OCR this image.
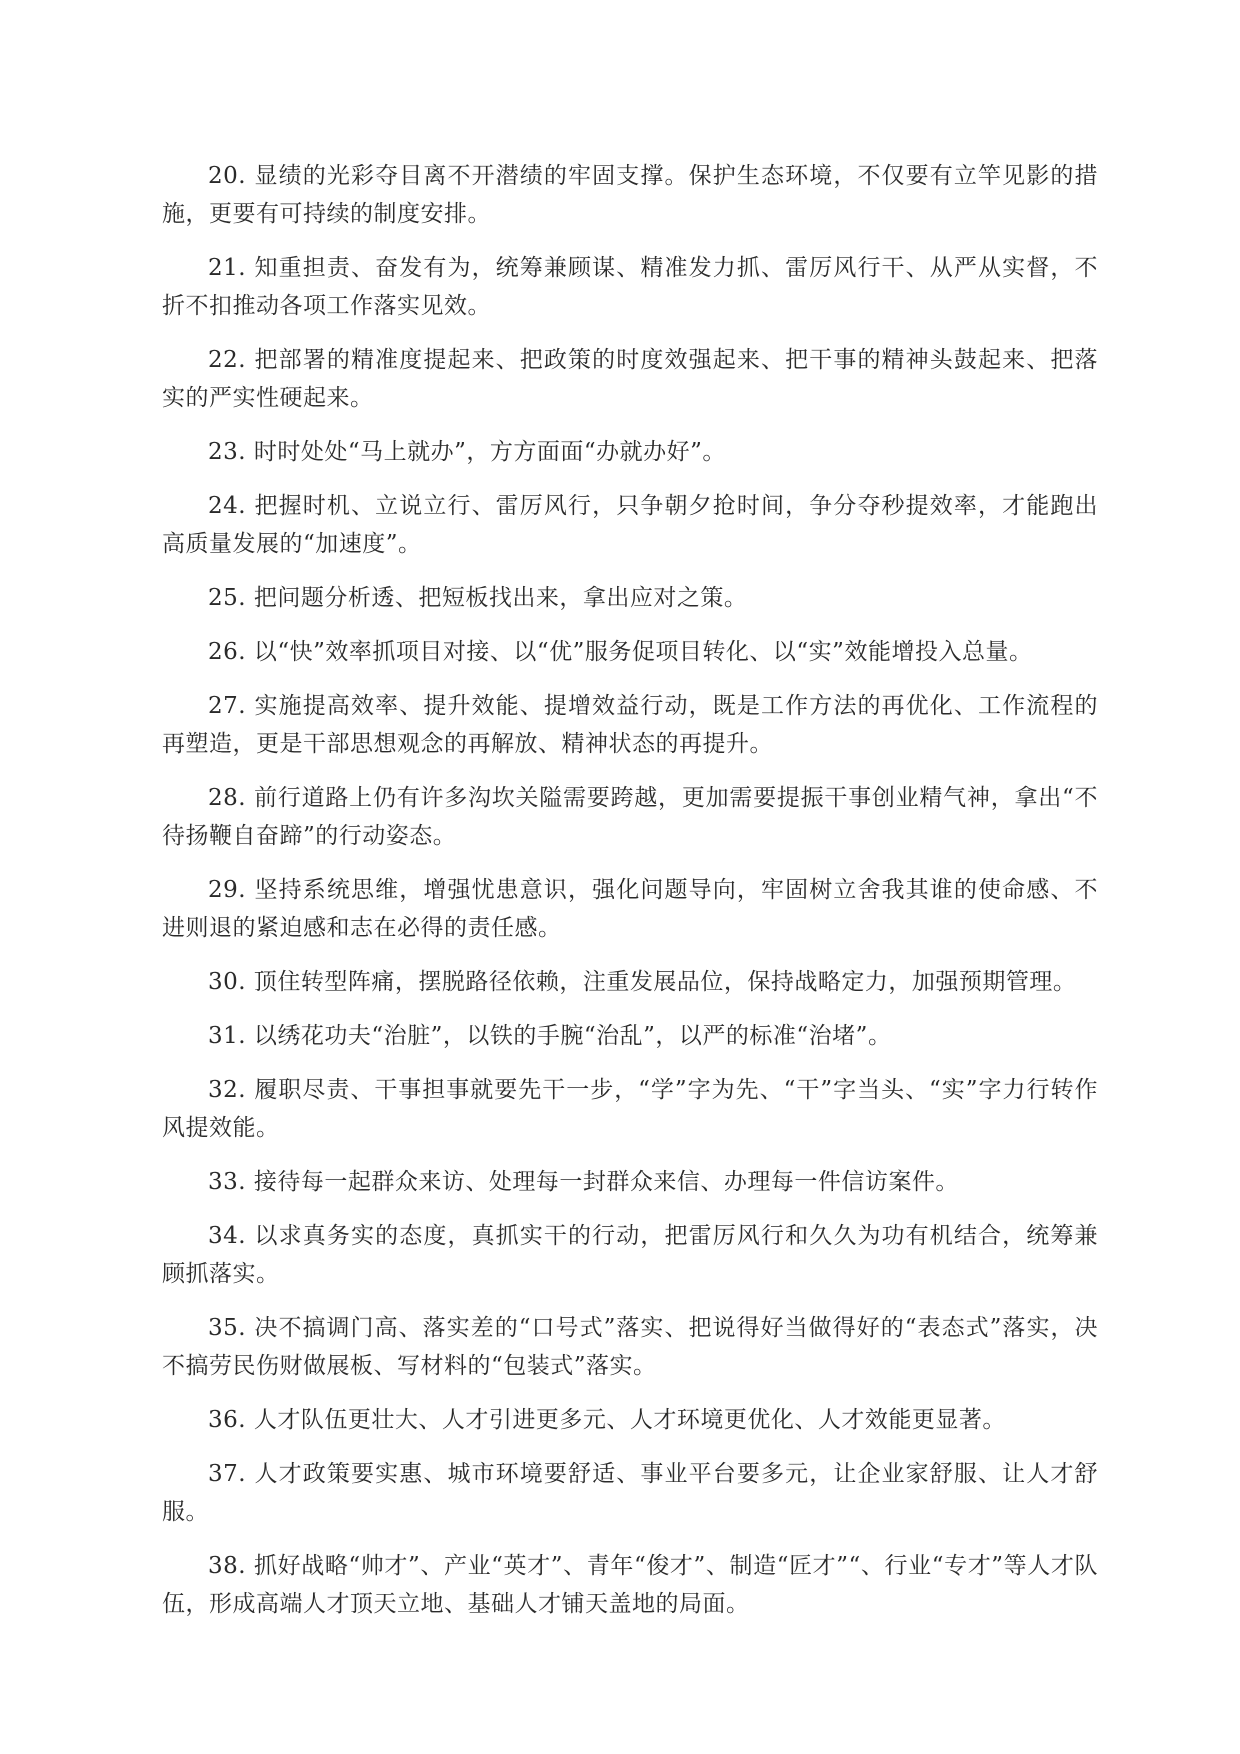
20. 显绩的光彩夺目离不开潜绩的牢固支撑。保护生态环境，不仅要有立竿见影的措施，更要有可持续的制度安排。

21. 知重担责、奋发有为，统筹兼顾谋、精准发力抓、雷厉风行干、从严从实督，不折不扣推动各项工作落实见效。

22. 把部署的精准度提起来、把政策的时度效强起来、把干事的精神头鼓起来、把落实的严实性硬起来。

23. 时时处处“马上就办”，方方面面“办就办好”。

24. 把握时机、立说立行、雷厉风行，只争朝夕抢时间，争分夺秒提效率，才能跑出高质量发展的“加速度”。

25. 把问题分析透、把短板找出来，拿出应对之策。

26. 以“快”效率抓项目对接、以“优”服务促项目转化、以“实”效能增投入总量。

27. 实施提高效率、提升效能、提增效益行动，既是工作方法的再优化、工作流程的再塑造，更是干部思想观念的再解放、精神状态的再提升。

28. 前行道路上仍有许多沟坎关隘需要跨越，更加需要提振干事创业精气神，拿出“不待扬鞭自奋蹄”的行动姿态。

29. 坚持系统思维，增强忧患意识，强化问题导向，牢固树立舍我其谁的使命感、不进则退的紧迫感和志在必得的责任感。

30. 顶住转型阵痛，摆脱路径依赖，注重发展品位，保持战略定力，加强预期管理。

31. 以绣花功夫“治脏”，以铁的手腕“治乱”，以严的标准“治堵”。

32. 履职尽责、干事担事就要先干一步，“学”字为先、“干”字当头、“实”字力行转作风提效能。

33. 接待每一起群众来访、处理每一封群众来信、办理每一件信访案件。

34. 以求真务实的态度，真抓实干的行动，把雷厉风行和久久为功有机结合，统筹兼顾抓落实。

35. 决不搞调门高、落实差的“口号式”落实、把说得好当做得好的“表态式”落实，决不搞劳民伤财做展板、写材料的“包装式”落实。

36. 人才队伍更壮大、人才引进更多元、人才环境更优化、人才效能更显著。

37. 人才政策要实惠、城市环境要舒适、事业平台要多元，让企业家舒服、让人才舒服。

38. 抓好战略“帅才”、产业“英才”、青年“俊才”、制造“匠才”“、行业“专才”等人才队伍，形成高端人才顶天立地、基础人才铺天盖地的局面。
